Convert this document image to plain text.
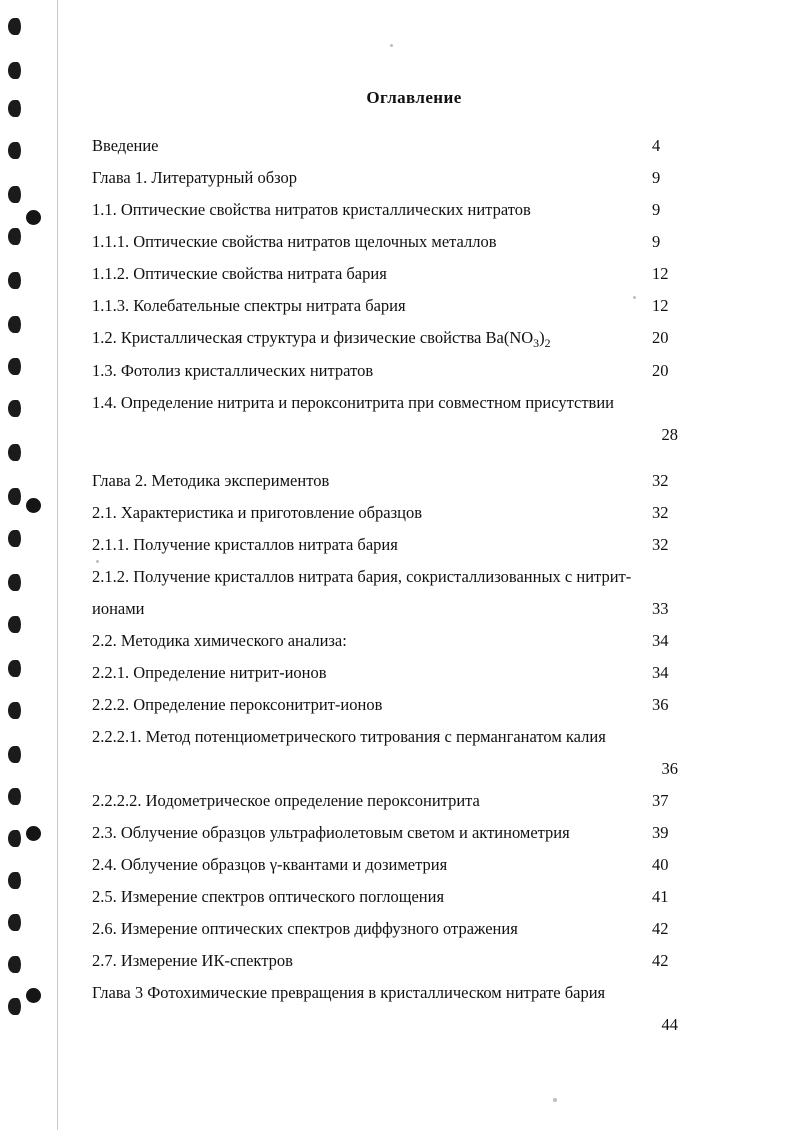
Оглавление
Введение	4
Глава 1. Литературный обзор	9
1.1. Оптические свойства нитратов кристаллических нитратов	9
1.1.1. Оптические свойства нитратов щелочных металлов	9
1.1.2. Оптические свойства нитрата бария	12
1.1.3. Колебательные спектры нитрата бария	12
1.2. Кристаллическая структура и физические свойства $Ba(NO_3)_2$	20
1.3. Фотолиз кристаллических нитратов	20
1.4. Определение нитрита и пероксонитрита при совместном присутствии
28
Глава 2. Методика экспериментов	32
2.1. Характеристика и приготовление образцов	32
2.1.1. Получение кристаллов нитрата бария	32
2.1.2. Получение кристаллов нитрата бария, сокристаллизованных с нитрит-
ионами	33
2.2. Методика химического анализа:	34
2.2.1. Определение нитрит-ионов	34
2.2.2. Определение пероксонитрит-ионов	36
2.2.2.1. Метод потенциометрического титрования с перманганатом калия
36
2.2.2.2. Иодометрическое определение пероксонитрита	37
2.3. Облучение образцов ультрафиолетовым светом и актинометрия	39
2.4. Облучение образцов γ-квантами и дозиметрия	40
2.5. Измерение спектров оптического поглощения	41
2.6. Измерение оптических спектров диффузного отражения	42
2.7. Измерение ИК-спектров	42
Глава 3 Фотохимические превращения в кристаллическом нитрате бария
44
